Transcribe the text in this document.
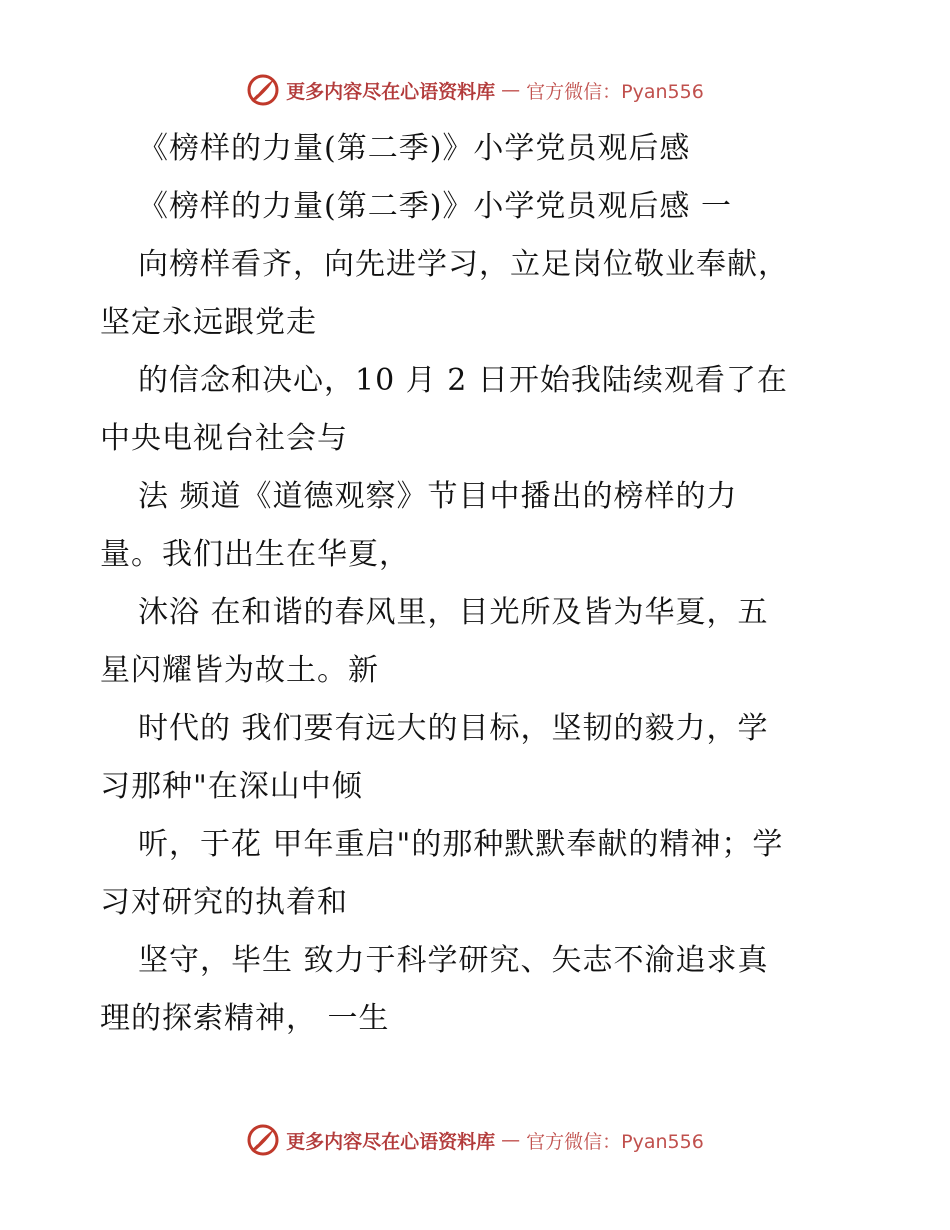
更多内容尽在心语资料库 — 官方微信：Pyan556
《榜样的力量(第二季)》小学党员观后感
《榜样的力量(第二季)》小学党员观后感 一
向榜样看齐，向先进学习，立足岗位敬业奉献，
坚定永远跟党走
的信念和决心，10 月 2 日开始我陆续观看了在
中央电视台社会与
法 频道《道德观察》节目中播出的榜样的力
量。我们出生在华夏，
沐浴 在和谐的春风里，目光所及皆为华夏，五
星闪耀皆为故土。新
时代的 我们要有远大的目标，坚韧的毅力，学
习那种"在深山中倾
听，于花 甲年重启"的那种默默奉献的精神；学
习对研究的执着和
坚守，毕生 致力于科学研究、矢志不渝追求真
理的探索精神， 一生
更多内容尽在心语资料库 — 官方微信：Pyan556
